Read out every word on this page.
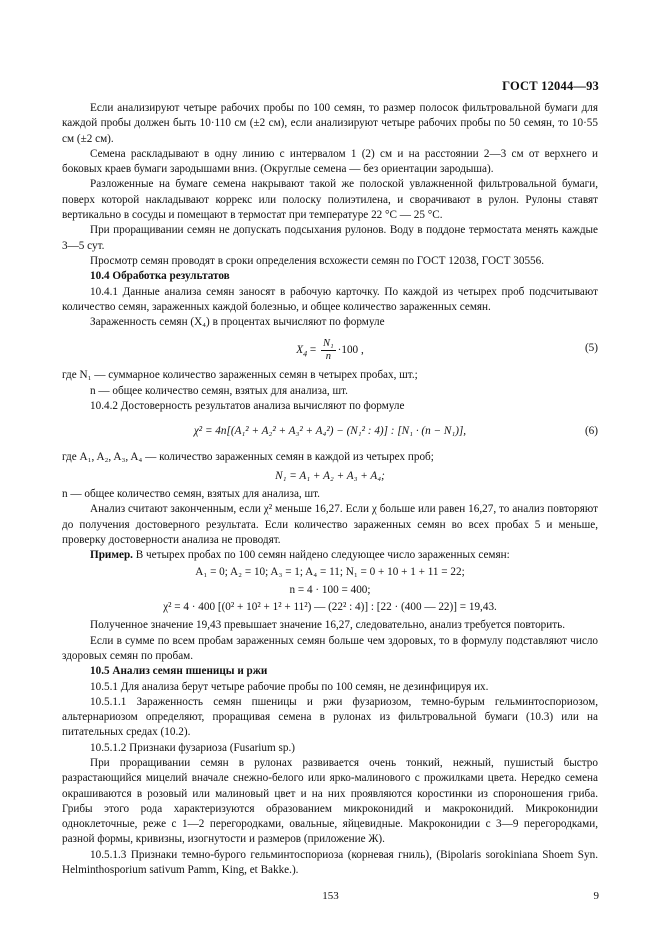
ГОСТ 12044—93

Если анализируют четыре рабочих пробы по 100 семян, то размер полосок фильтровальной бумаги для каждой пробы должен быть 10·110 см (±2 см), если анализируют четыре рабочих пробы по 50 семян, то 10·55 см (±2 см).

Семена раскладывают в одну линию с интервалом 1 (2) см и на расстоянии 2—3 см от верхнего и боковых краев бумаги зародышами вниз. (Округлые семена — без ориентации зародыша).

Разложенные на бумаге семена накрывают такой же полоской увлажненной фильтровальной бумаги, поверх которой накладывают коррекс или полоску полиэтилена, и сворачивают в рулон. Рулоны ставят вертикально в сосуды и помещают в термостат при температуре 22 °С — 25 °С.

При проращивании семян не допускать подсыхания рулонов. Воду в поддоне термостата менять каждые 3—5 сут.

Просмотр семян проводят в сроки определения всхожести семян по ГОСТ 12038, ГОСТ 30556.

10.4 Обработка результатов

10.4.1 Данные анализа семян заносят в рабочую карточку. По каждой из четырех проб подсчитывают количество семян, зараженных каждой болезнью, и общее количество зараженных семян.

Зараженность семян (X₄) в процентах вычисляют по формуле

$X_4 = \frac{\text{N₁}}{n} \cdot 100$ ,	(5)

где N₁ — суммарное количество зараженных семян в четырех пробах, шт.;

n — общее количество семян, взятых для анализа, шт.

10.4.2 Достоверность результатов анализа вычисляют по формуле

χ² = 4n[(A₁² + A₂² + A₃² + A₄²) − (N₁² : 4)] : [N₁ · (n − N₁)],	(6)

где A₁, A₂, A₃, A₄ — количество зараженных семян в каждой из четырех проб;

N₁ = A₁ + A₂ + A₃ + A₄;

n — общее количество семян, взятых для анализа, шт.

Анализ считают законченным, если χ² меньше 16,27. Если χ больше или равен 16,27, то анализ повторяют до получения достоверного результата. Если количество зараженных семян во всех пробах 5 и меньше, проверку достоверности анализа не проводят.

Пример. В четырех пробах по 100 семян найдено следующее число зараженных семян:

A₁ = 0; A₂ = 10; A₃ = 1; A₄ = 11; N₁ = 0 + 10 + 1 + 11 = 22;

n = 4 · 100 = 400;

χ² = 4 · 400 [(0² + 10² + 1² + 11²) — (22² : 4)] : [22 · (400 — 22)] = 19,43.

Полученное значение 19,43 превышает значение 16,27, следовательно, анализ требуется повторить.

Если в сумме по всем пробам зараженных семян больше чем здоровых, то в формулу подставляют число здоровых семян по пробам.

10.5 Анализ семян пшеницы и ржи

10.5.1 Для анализа берут четыре рабочие пробы по 100 семян, не дезинфицируя их.

10.5.1.1 Зараженность семян пшеницы и ржи фузариозом, темно-бурым гельминтоспориозом, альтернариозом определяют, проращивая семена в рулонах из фильтровальной бумаги (10.3) или на питательных средах (10.2).

10.5.1.2 Признаки фузариоза (Fusarium sp.)

При проращивании семян в рулонах развивается очень тонкий, нежный, пушистый быстро разрастающийся мицелий вначале снежно-белого или ярко-малинового с прожилками цвета. Нередко семена окрашиваются в розовый или малиновый цвет и на них проявляются коростинки из спороношения гриба. Грибы этого рода характеризуются образованием микроконидий и макроконидий. Микроконидии одноклеточные, реже с 1—2 перегородками, овальные, яйцевидные. Макроконидии с 3—9 перегородками, разной формы, кривизны, изогнутости и размеров (приложение Ж).

10.5.1.3 Признаки темно-бурого гельминтоспориоза (корневая гниль), (Bipolaris sorokiniana Shoem Syn. Helminthosporium sativum Pamm, King, et Bakke.).

153	9
